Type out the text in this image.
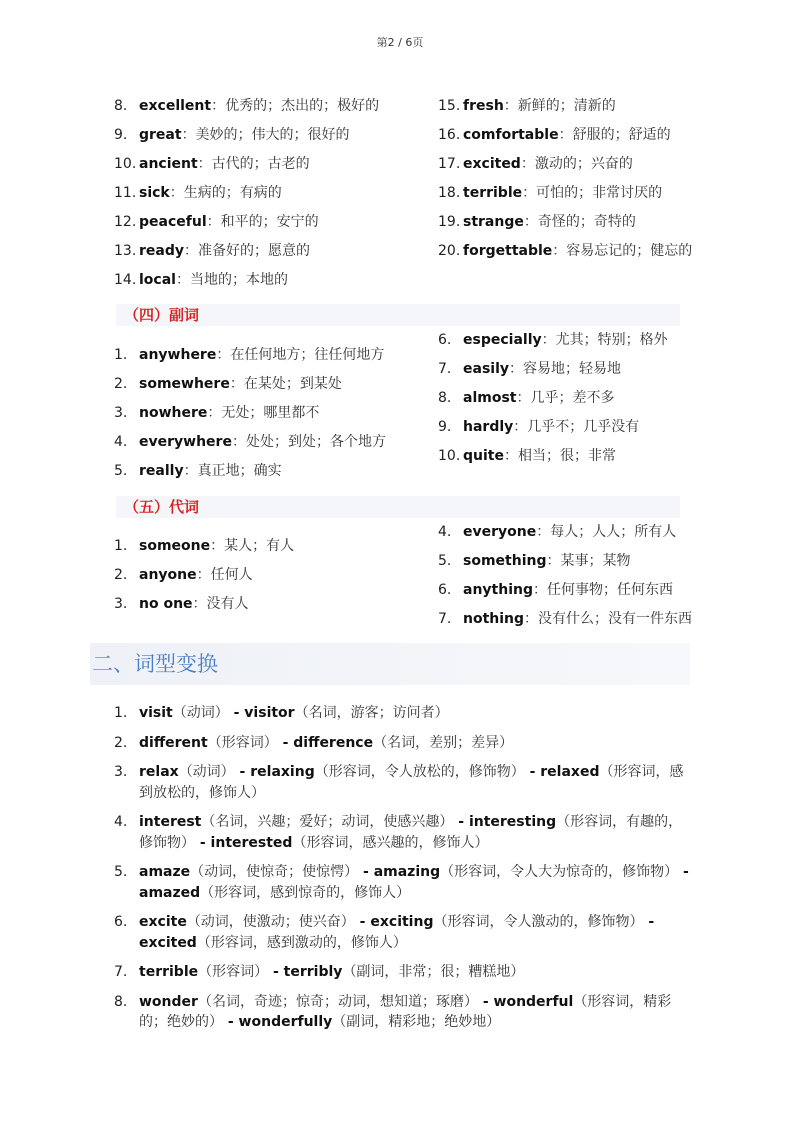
第2 / 6页
8. excellent：优秀的；杰出的；极好的
9. great：美妙的；伟大的；很好的
10. ancient：古代的；古老的
11. sick：生病的；有病的
12. peaceful：和平的；安宁的
13. ready：准备好的；愿意的
14. local：当地的；本地的
15. fresh：新鲜的；清新的
16. comfortable：舒服的；舒适的
17. excited：激动的；兴奋的
18. terrible：可怕的；非常讨厌的
19. strange：奇怪的；奇特的
20. forgettable：容易忘记的；健忘的
（四）副词
1. anywhere：在任何地方；往任何地方
2. somewhere：在某处；到某处
3. nowhere：无处；哪里都不
4. everywhere：处处；到处；各个地方
5. really：真正地；确实
6. especially：尤其；特别；格外
7. easily：容易地；轻易地
8. almost：几乎；差不多
9. hardly：几乎不；几乎没有
10. quite：相当；很；非常
（五）代词
1. someone：某人；有人
2. anyone：任何人
3. no one：没有人
4. everyone：每人；人人；所有人
5. something：某事；某物
6. anything：任何事物；任何东西
7. nothing：没有什么；没有一件东西
二、词型变换
1. visit（动词） - visitor（名词，游客；访问者）
2. different（形容词） - difference（名词，差别；差异）
3. relax（动词） - relaxing（形容词，令人放松的，修饰物） - relaxed（形容词，感到放松的，修饰人）
4. interest（名词，兴趣；爱好；动词，使感兴趣） - interesting（形容词，有趣的，修饰物） - interested（形容词，感兴趣的，修饰人）
5. amaze（动词，使惊奇；使惊愕） - amazing（形容词，令人大为惊奇的，修饰物） - amazed（形容词，感到惊奇的，修饰人）
6. excite（动词，使激动；使兴奋） - exciting（形容词，令人激动的，修饰物） - excited（形容词，感到激动的，修饰人）
7. terrible（形容词） - terribly（副词，非常；很；糟糕地）
8. wonder（名词，奇迹；惊奇；动词，想知道；琢磨） - wonderful（形容词，精彩的；绝妙的） - wonderfully（副词，精彩地；绝妙地）
